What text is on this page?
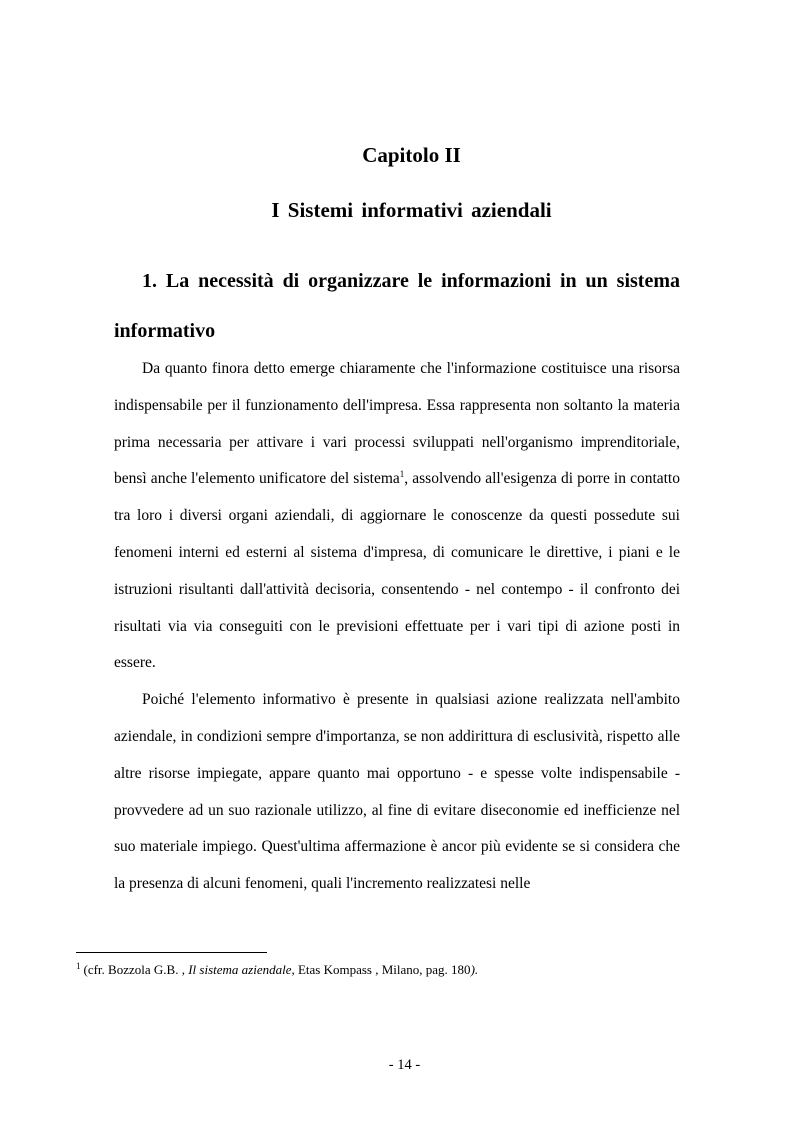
Capitolo II
I Sistemi informativi aziendali

1. La necessità di organizzare le informazioni in un sistema informativo

Da quanto finora detto emerge chiaramente che l'informazione costituisce una risorsa indispensabile per il funzionamento dell'impresa. Essa rappresenta non soltanto la materia prima necessaria per attivare i vari processi sviluppati nell'organismo imprenditoriale, bensì anche l'elemento unificatore del sistema$^1$, assolvendo all'esigenza di porre in contatto tra loro i diversi organi aziendali, di aggiornare le conoscenze da questi possedute sui fenomeni interni ed esterni al sistema d'impresa, di comunicare le direttive, i piani e le istruzioni risultanti dall'attività decisoria, consentendo - nel contempo - il confronto dei risultati via via conseguiti con le previsioni effettuate per i vari tipi di azione posti in essere.

Poiché l'elemento informativo è presente in qualsiasi azione realizzata nell'ambito aziendale, in condizioni sempre d'importanza, se non addirittura di esclusività, rispetto alle altre risorse impiegate, appare quanto mai opportuno - e spesse volte indispensabile - provvedere ad un suo razionale utilizzo, al fine di evitare diseconomie ed inefficienze nel suo materiale impiego. Quest'ultima affermazione è ancor più evidente se si considera che la presenza di alcuni fenomeni, quali l'incremento realizzatesi nelle

$^1$ (cfr. Bozzola G.B. , Il sistema aziendale, Etas Kompass , Milano, pag. 180).
- 14 -
